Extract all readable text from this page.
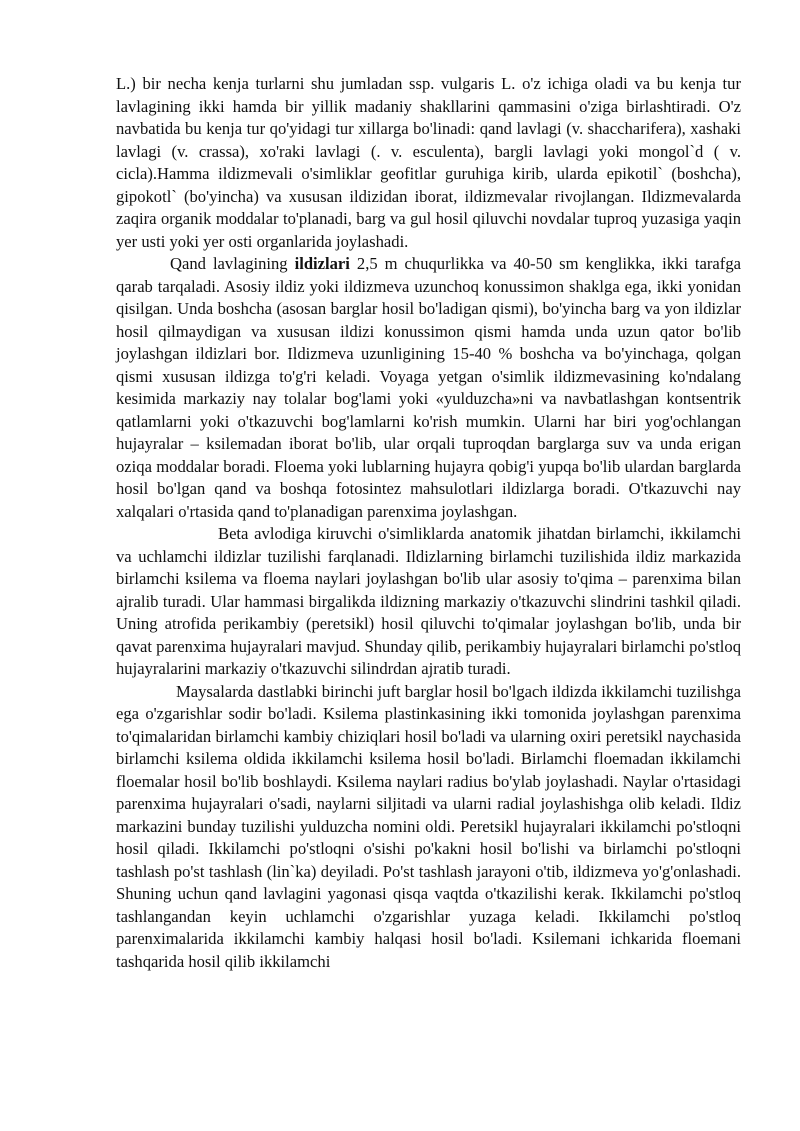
L.) bir necha kenja turlarni shu jumladan ssp. vulgaris L. o'z ichiga oladi va bu kenja tur lavlagining ikki hamda bir yillik madaniy shakllarini qammasini o'ziga birlashtiradi. O'z navbatida bu kenja tur qo'yidagi tur xillarga bo'linadi: qand lavlagi (v. shaccharifera), xashaki lavlagi (v. crassa), xo'raki lavlagi (. v. esculenta), bargli lavlagi yoki mongol`d ( v. cicla).Hamma ildizmevali o'simliklar geofitlar guruhiga kirib, ularda epikotil` (boshcha), gipokotl` (bo'yincha) va xususan ildizidan iborat, ildizmevalar rivojlangan. Ildizmevalarda zaqira organik moddalar to'planadi, barg va gul hosil qiluvchi novdalar tuproq yuzasiga yaqin yer usti yoki yer osti organlarida joylashadi.

Qand lavlagining ildizlari 2,5 m chuqurlikka va 40-50 sm kenglikka, ikki tarafga qarab tarqaladi. Asosiy ildiz yoki ildizmeva uzunchoq konussimon shaklga ega, ikki yonidan qisilgan. Unda boshcha (asosan barglar hosil bo'ladigan qismi), bo'yincha barg va yon ildizlar hosil qilmaydigan va xususan ildizi konussimon qismi hamda unda uzun qator bo'lib joylashgan ildizlari bor. Ildizmeva uzunligining 15-40 % boshcha va bo'yinchaga, qolgan qismi xususan ildizga to'g'ri keladi. Voyaga yetgan o'simlik ildizmevasining ko'ndalang kesimida markaziy nay tolalar bog'lami yoki «yulduzcha»ni va navbatlashgan kontsentrik qatlamlarni yoki o'tkazuvchi bog'lamlarni ko'rish mumkin. Ularni har biri yog'ochlangan hujayralar – ksilemadan iborat bo'lib, ular orqali tuproqdan barglarga suv va unda erigan oziqa moddalar boradi. Floema yoki lublarning hujayra qobig'i yupqa bo'lib ulardan barglarda hosil bo'lgan qand va boshqa fotosintez mahsulotlari ildizlarga boradi. O'tkazuvchi nay xalqalari o'rtasida qand to'planadigan parenxima joylashgan.

Beta avlodiga kiruvchi o'simliklarda anatomik jihatdan birlamchi, ikkilamchi va uchlamchi ildizlar tuzilishi farqlanadi. Ildizlarning birlamchi tuzilishida ildiz markazida birlamchi ksilema va floema naylari joylashgan bo'lib ular asosiy to'qima – parenxima bilan ajralib turadi. Ular hammasi birgalikda ildizning markaziy o'tkazuvchi slindrini tashkil qiladi. Uning atrofida perikambiy (peretsikl) hosil qiluvchi to'qimalar joylashgan bo'lib, unda bir qavat parenxima hujayralari mavjud. Shunday qilib, perikambiy hujayralari birlamchi po'stloq hujayralarini markaziy o'tkazuvchi silindrdan ajratib turadi.

Maysalarda dastlabki birinchi juft barglar hosil bo'lgach ildizda ikkilamchi tuzilishga ega o'zgarishlar sodir bo'ladi. Ksilema plastinkasining ikki tomonida joylashgan parenxima to'qimalaridan birlamchi kambiy chiziqlari hosil bo'ladi va ularning oxiri peretsikl naychasida birlamchi ksilema oldida ikkilamchi ksilema hosil bo'ladi. Birlamchi floemadan ikkilamchi floemalar hosil bo'lib boshlaydi. Ksilema naylari radius bo'ylab joylashadi. Naylar o'rtasidagi parenxima hujayralari o'sadi, naylarni siljitadi va ularni radial joylashishga olib keladi. Ildiz markazini bunday tuzilishi yulduzcha nomini oldi. Peretsikl hujayralari ikkilamchi po'stloqni hosil qiladi. Ikkilamchi po'stloqni o'sishi po'kakni hosil bo'lishi va birlamchi po'stloqni tashlash po'st tashlash (lin`ka) deyiladi. Po'st tashlash jarayoni o'tib, ildizmeva yo'g'onlashadi. Shuning uchun qand lavlagini yagonasi qisqa vaqtda o'tkazilishi kerak. Ikkilamchi po'stloq tashlangandan keyin uchlamchi o'zgarishlar yuzaga keladi. Ikkilamchi po'stloq parenximalarida ikkilamchi kambiy halqasi hosil bo'ladi. Ksilemani ichkarida floemani tashqarida hosil qilib ikkilamchi
